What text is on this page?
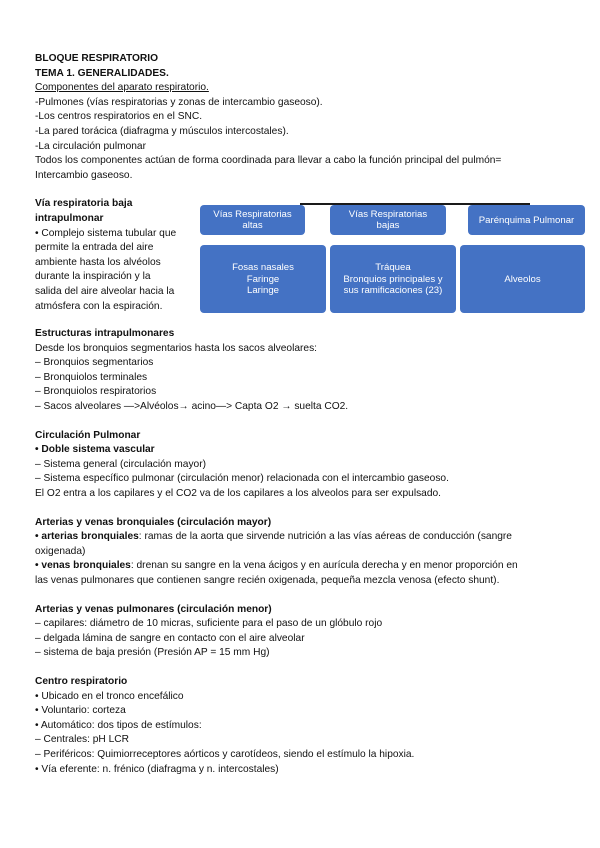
BLOQUE RESPIRATORIO

TEMA 1. GENERALIDADES.

Componentes del aparato respiratorio.

-Pulmones (vías respiratorias y zonas de intercambio gaseoso).

-Los centros respiratorios en el SNC.

-La pared torácica (diafragma y músculos intercostales).

-La circulación pulmonar

Todos los componentes actúan de forma coordinada para llevar a cabo la función principal del pulmón=

Intercambio gaseoso.

Vía respiratoria baja

intrapulmonar

• Complejo sistema tubular que

permite la entrada del aire

ambiente hasta los alvéolos

durante la inspiración y la

salida del aire alveolar hacia la

atmósfera con la espiración.

Vías Respiratorias
altas
Vías Respiratorias
bajas
Parénquima Pulmonar
Fosas nasales
Faringe
Laringe
Tráquea
Bronquios principales y
sus ramificaciones (23)
Alveolos

Estructuras intrapulmonares

Desde los bronquios segmentarios hasta los sacos alveolares:

– Bronquios segmentarios

– Bronquiolos terminales

– Bronquiolos respiratorios

– Sacos alveolares —>Alvéolos→ acino—> Capta O2 → suelta CO2.

Circulación Pulmonar

• Doble sistema vascular

– Sistema general (circulación mayor)

– Sistema específico pulmonar (circulación menor) relacionada con el intercambio gaseoso.

El O2 entra a los capilares y el CO2 va de los capilares a los alveolos para ser expulsado.

Arterias y venas bronquiales (circulación mayor)

• arterias bronquiales: ramas de la aorta que sirvende nutrición a las vías aéreas de conducción (sangre

oxigenada)

• venas bronquiales: drenan su sangre en la vena ácigos y en aurícula derecha y en menor proporción en

las venas pulmonares que contienen sangre recién oxigenada, pequeña mezcla venosa (efecto shunt).

Arterias y venas pulmonares (circulación menor)

– capilares: diámetro de 10 micras, suficiente para el paso de un glóbulo rojo

– delgada lámina de sangre en contacto con el aire alveolar

– sistema de baja presión (Presión AP = 15 mm Hg)

Centro respiratorio

• Ubicado en el tronco encefálico

• Voluntario: corteza

• Automático: dos tipos de estímulos:

– Centrales: pH LCR

– Periféricos: Quimiorreceptores aórticos y carotídeos, siendo el estímulo la hipoxia.

• Vía eferente: n. frénico (diafragma y n. intercostales)
